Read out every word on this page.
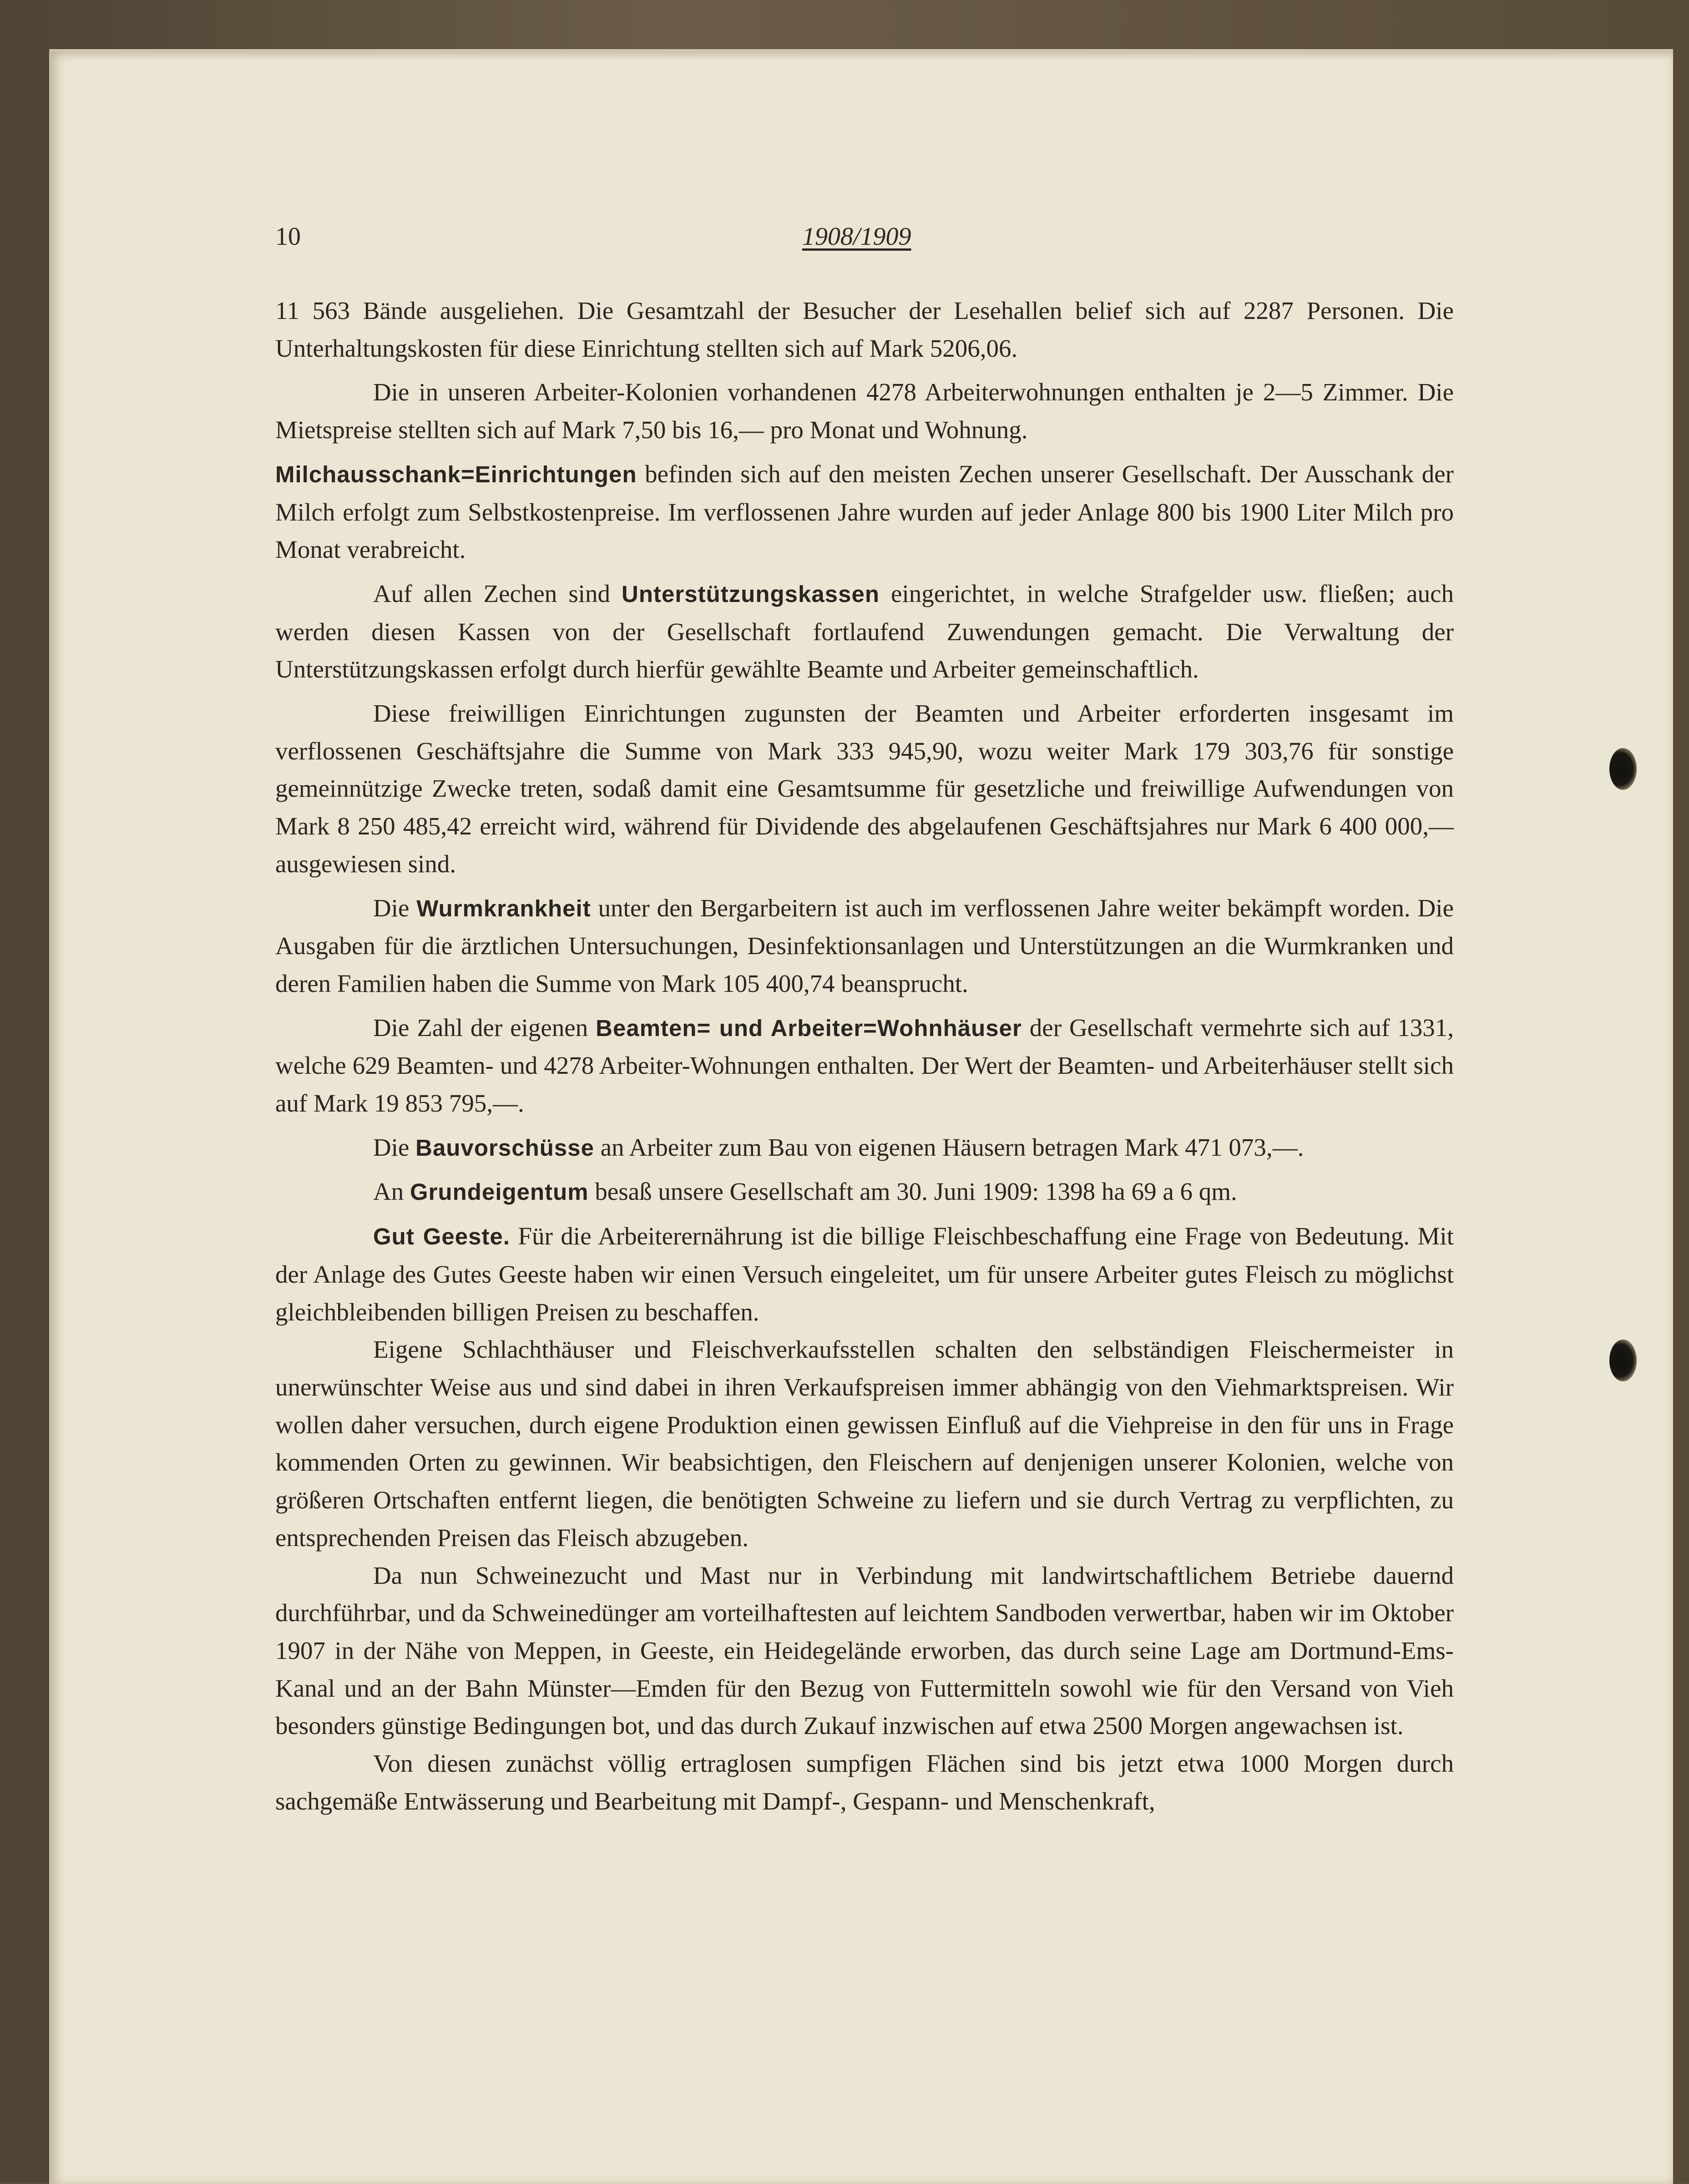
10	1908/1909

11 563 Bände ausgeliehen. Die Gesamtzahl der Besucher der Lesehallen belief sich auf 2287 Personen. Die Unterhaltungskosten für diese Einrichtung stellten sich auf Mark 5206,06.

Die in unseren Arbeiter-Kolonien vorhandenen 4278 Arbeiterwohnungen enthalten je 2—5 Zimmer. Die Mietspreise stellten sich auf Mark 7,50 bis 16,— pro Monat und Wohnung.

Milchausschank=Einrichtungen befinden sich auf den meisten Zechen unserer Gesellschaft. Der Ausschank der Milch erfolgt zum Selbstkostenpreise. Im verflossenen Jahre wurden auf jeder Anlage 800 bis 1900 Liter Milch pro Monat verabreicht.

Auf allen Zechen sind Unterstützungskassen eingerichtet, in welche Strafgelder usw. fließen; auch werden diesen Kassen von der Gesellschaft fortlaufend Zuwendungen gemacht. Die Verwaltung der Unterstützungskassen erfolgt durch hierfür gewählte Beamte und Arbeiter gemeinschaftlich.

Diese freiwilligen Einrichtungen zugunsten der Beamten und Arbeiter erforderten insgesamt im verflossenen Geschäftsjahre die Summe von Mark 333 945,90, wozu weiter Mark 179 303,76 für sonstige gemeinnützige Zwecke treten, sodaß damit eine Gesamtsumme für gesetzliche und freiwillige Aufwendungen von Mark 8 250 485,42 erreicht wird, während für Dividende des abgelaufenen Geschäftsjahres nur Mark 6 400 000,— ausgewiesen sind.

Die Wurmkrankheit unter den Bergarbeitern ist auch im verflossenen Jahre weiter bekämpft worden. Die Ausgaben für die ärztlichen Untersuchungen, Desinfektionsanlagen und Unterstützungen an die Wurmkranken und deren Familien haben die Summe von Mark 105 400,74 beansprucht.

Die Zahl der eigenen Beamten= und Arbeiter=Wohnhäuser der Gesellschaft vermehrte sich auf 1331, welche 629 Beamten- und 4278 Arbeiter-Wohnungen enthalten. Der Wert der Beamten- und Arbeiterhäuser stellt sich auf Mark 19 853 795,—.

Die Bauvorschüsse an Arbeiter zum Bau von eigenen Häusern betragen Mark 471 073,—.

An Grundeigentum besaß unsere Gesellschaft am 30. Juni 1909: 1398 ha 69 a 6 qm.

Gut Geeste. Für die Arbeiterernährung ist die billige Fleischbeschaffung eine Frage von Bedeutung. Mit der Anlage des Gutes Geeste haben wir einen Versuch eingeleitet, um für unsere Arbeiter gutes Fleisch zu möglichst gleichbleibenden billigen Preisen zu beschaffen.

Eigene Schlachthäuser und Fleischverkaufsstellen schalten den selbständigen Fleischermeister in unerwünschter Weise aus und sind dabei in ihren Verkaufspreisen immer abhängig von den Viehmarktspreisen. Wir wollen daher versuchen, durch eigene Produktion einen gewissen Einfluß auf die Viehpreise in den für uns in Frage kommenden Orten zu gewinnen. Wir beabsichtigen, den Fleischern auf denjenigen unserer Kolonien, welche von größeren Ortschaften entfernt liegen, die benötigten Schweine zu liefern und sie durch Vertrag zu verpflichten, zu entsprechenden Preisen das Fleisch abzugeben.

Da nun Schweinezucht und Mast nur in Verbindung mit landwirtschaftlichem Betriebe dauernd durchführbar, und da Schweinedünger am vorteilhaftesten auf leichtem Sandboden verwertbar, haben wir im Oktober 1907 in der Nähe von Meppen, in Geeste, ein Heidegelände erworben, das durch seine Lage am Dortmund-Ems-Kanal und an der Bahn Münster—Emden für den Bezug von Futtermitteln sowohl wie für den Versand von Vieh besonders günstige Bedingungen bot, und das durch Zukauf inzwischen auf etwa 2500 Morgen angewachsen ist.

Von diesen zunächst völlig ertraglosen sumpfigen Flächen sind bis jetzt etwa 1000 Morgen durch sachgemäße Entwässerung und Bearbeitung mit Dampf-, Gespann- und Menschenkraft,
